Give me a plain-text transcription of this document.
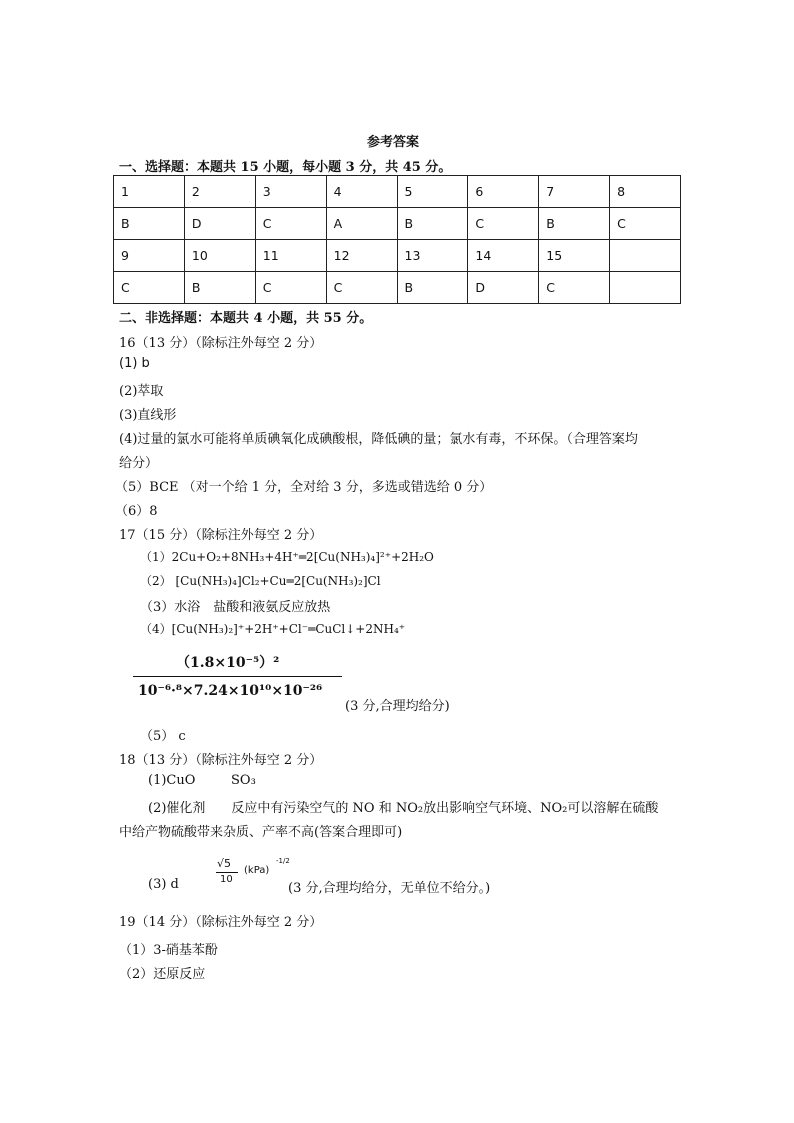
参考答案
一、选择题：本题共 15 小题，每小题 3 分，共 45 分。
1	2	3	4	5	6	7	8
B	D	C	A	B	C	B	C
9	10	11	12	13	14	15	
C	B	C	C	B	D	C	
二、非选择题：本题共 4 小题，共 55 分。
16（13 分）（除标注外每空 2 分）
(1) b
(2)萃取
(3)直线形
(4)过量的氯水可能将单质碘氧化成碘酸根，降低碘的量；氯水有毒，不环保。（合理答案均
给分）
（5）BCE （对一个给 1 分，全对给 3 分，多选或错选给 0 分）
（6）8
17（15 分）（除标注外每空 2 分）
（1）2Cu+O₂+8NH₃+4H⁺═2[Cu(NH₃)₄]²⁺+2H₂O
（2） [Cu(NH₃)₄]Cl₂+Cu═2[Cu(NH₃)₂]Cl
（3）水浴　盐酸和液氨反应放热
（4）[Cu(NH₃)₂]⁺+2H⁺+Cl⁻═CuCl↓+2NH₄⁺
（1.8×10⁻⁵）²
10⁻⁶·⁸×7.24×10¹⁰×10⁻²⁶
(3 分,合理均给分)
（5） c
18（13 分）（除标注外每空 2 分）
(1)CuO	SO₃
(2)催化剂　　反应中有污染空气的 NO 和 NO₂放出影响空气环境、NO₂可以溶解在硫酸
中给产物硫酸带来杂质、产率不高(答案合理即可)
(3) d
√5
10
(kPa)
-1/2
(3 分,合理均给分，无单位不给分。)
19（14 分）（除标注外每空 2 分）
（1）3-硝基苯酚
（2）还原反应
